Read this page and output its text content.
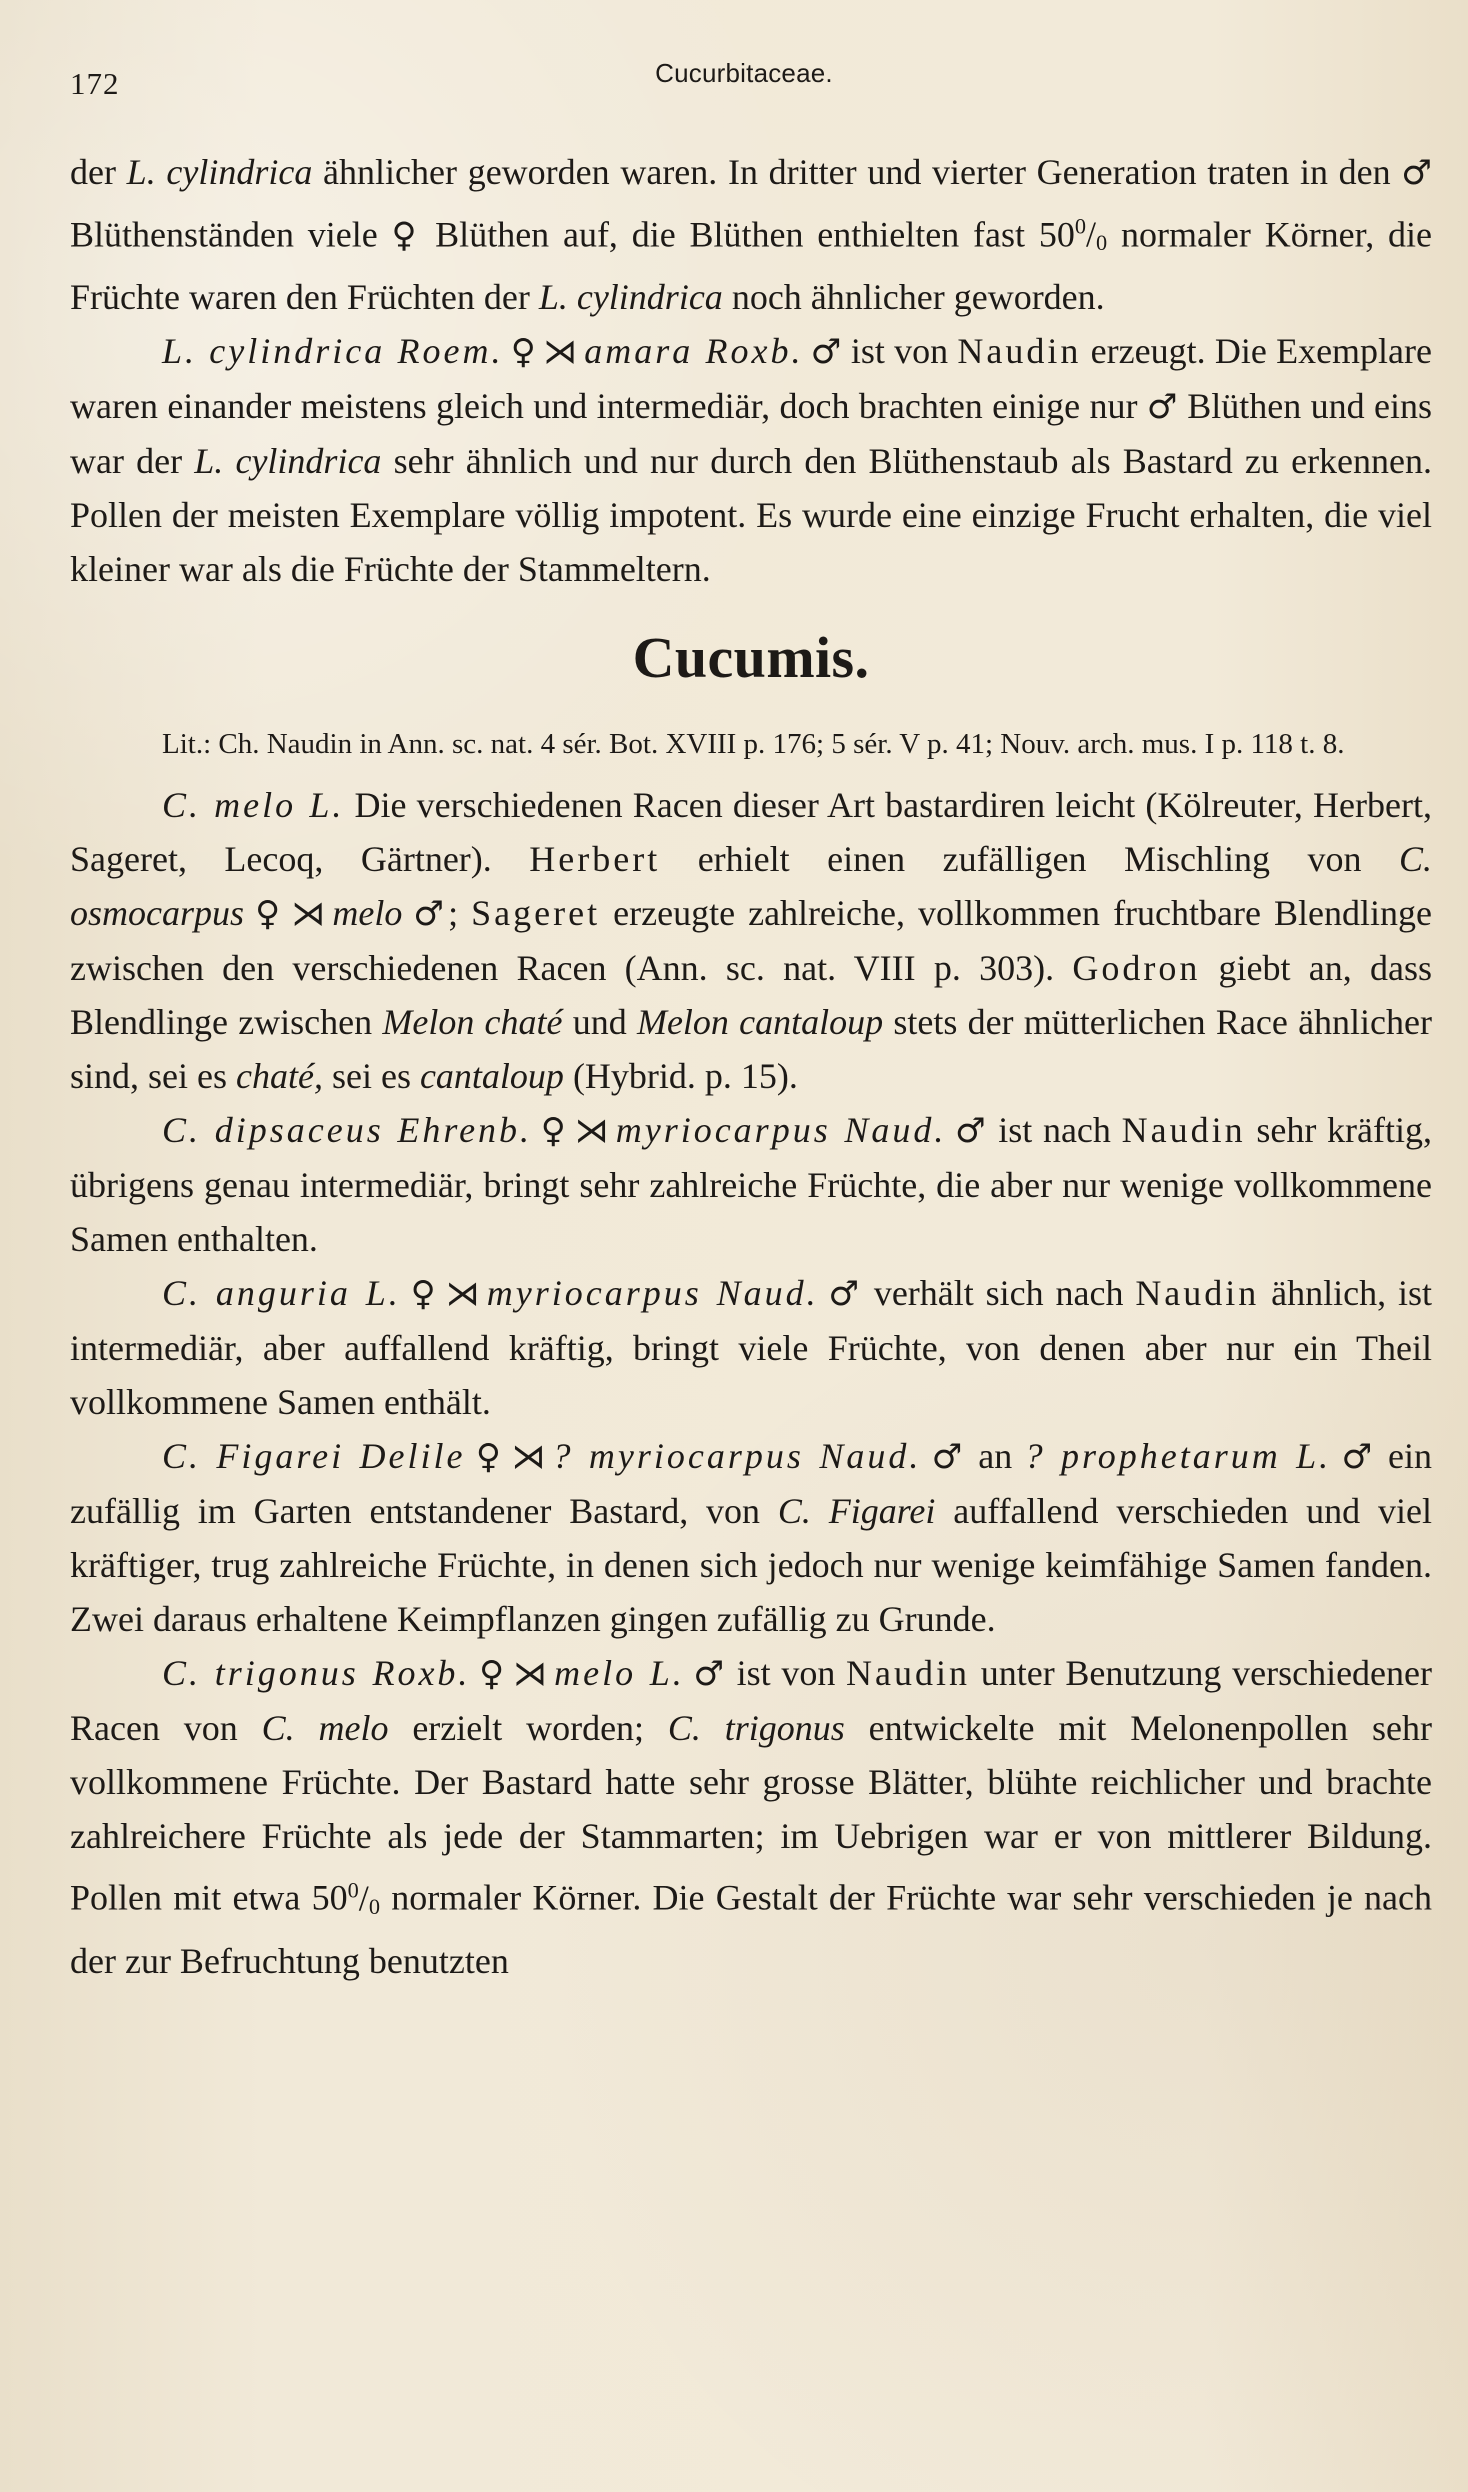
172	Cucurbitaceae.

der L. cylindrica ähnlicher geworden waren. In dritter und vierter Generation traten in den ♂ Blüthenständen viele ♀ Blüthen auf, die Blüthen enthielten fast $50^0/0$ normaler Körner, die Früchte waren den Früchten der L. cylindrica noch ähnlicher geworden.

L. cylindrica Roem. ♀ ⋊ amara Roxb. ♂ ist von Naudin erzeugt. Die Exemplare waren einander meistens gleich und intermediär, doch brachten einige nur ♂ Blüthen und eins war der L. cylindrica sehr ähnlich und nur durch den Blüthenstaub als Bastard zu erkennen. Pollen der meisten Exemplare völlig impotent. Es wurde eine einzige Frucht erhalten, die viel kleiner war als die Früchte der Stammeltern.

Cucumis.

Lit.: Ch. Naudin in Ann. sc. nat. 4 sér. Bot. XVIII p. 176; 5 sér. V p. 41; Nouv. arch. mus. I p. 118 t. 8.

C. melo L. Die verschiedenen Racen dieser Art bastardiren leicht (Kölreuter, Herbert, Sageret, Lecoq, Gärtner). Herbert erhielt einen zufälligen Mischling von C. osmocarpus ♀ ⋊ melo ♂; Sageret erzeugte zahlreiche, vollkommen fruchtbare Blendlinge zwischen den verschiedenen Racen (Ann. sc. nat. VIII p. 303). Godron giebt an, dass Blendlinge zwischen Melon chaté und Melon cantaloup stets der mütterlichen Race ähnlicher sind, sei es chaté, sei es cantaloup (Hybrid. p. 15).

C. dipsaceus Ehrenb. ♀ ⋊ myriocarpus Naud. ♂ ist nach Naudin sehr kräftig, übrigens genau intermediär, bringt sehr zahlreiche Früchte, die aber nur wenige vollkommene Samen enthalten.

C. anguria L. ♀ ⋊ myriocarpus Naud. ♂ verhält sich nach Naudin ähnlich, ist intermediär, aber auffallend kräftig, bringt viele Früchte, von denen aber nur ein Theil vollkommene Samen enthält.

C. Figarei Delile ♀ ⋊ ? myriocarpus Naud. ♂ an ? prophetarum L. ♂ ein zufällig im Garten entstandener Bastard, von C. Figarei auffallend verschieden und viel kräftiger, trug zahlreiche Früchte, in denen sich jedoch nur wenige keimfähige Samen fanden. Zwei daraus erhaltene Keimpflanzen gingen zufällig zu Grunde.

C. trigonus Roxb. ♀ ⋊ melo L. ♂ ist von Naudin unter Benutzung verschiedener Racen von C. melo erzielt worden; C. trigonus entwickelte mit Melonenpollen sehr vollkommene Früchte. Der Bastard hatte sehr grosse Blätter, blühte reichlicher und brachte zahlreichere Früchte als jede der Stammarten; im Uebrigen war er von mittlerer Bildung. Pollen mit etwa $50^0/0$ normaler Körner. Die Gestalt der Früchte war sehr verschieden je nach der zur Befruchtung benutzten
